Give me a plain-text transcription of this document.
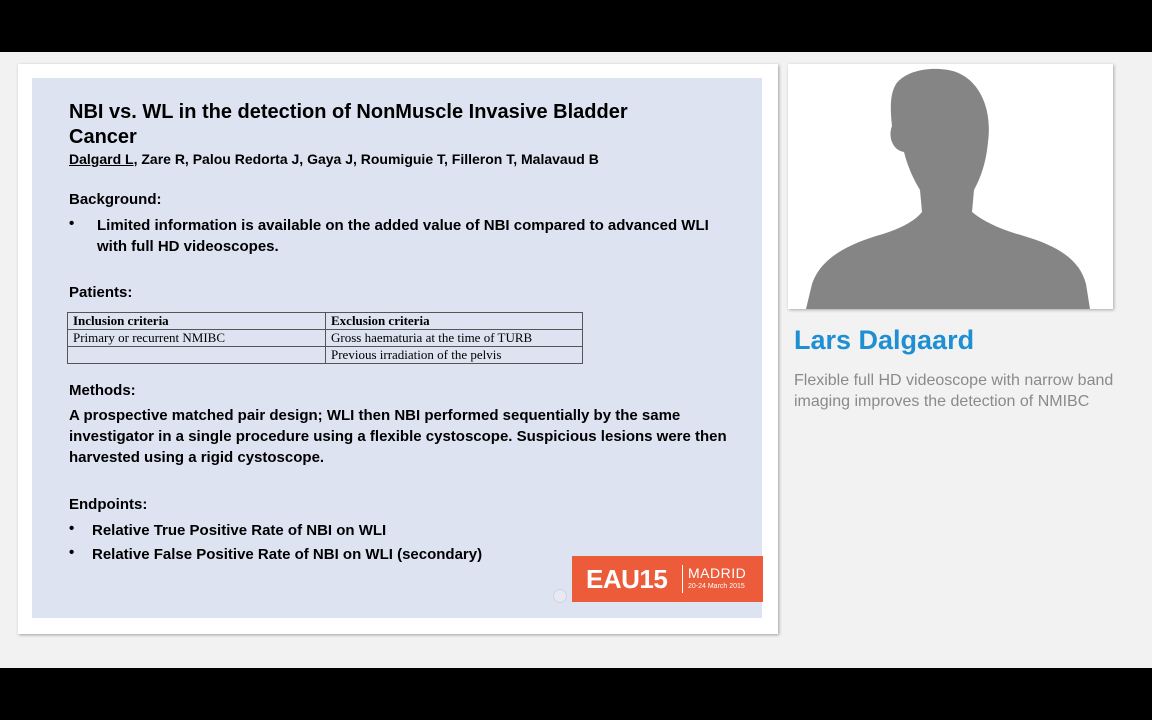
NBI vs. WL in the detection of NonMuscle Invasive Bladder Cancer
Dalgard L, Zare R, Palou Redorta J, Gaya J, Roumiguie T, Filleron T, Malavaud B
Background:
• Limited information is available on the added value of NBI compared to advanced WLI with full HD videoscopes.
Patients:
Inclusion criteria	Exclusion criteria
Primary or recurrent NMIBC	Gross haematuria at the time of TURB
	Previous irradiation of the pelvis
Methods:
A prospective matched pair design; WLI then NBI performed sequentially by the same investigator in a single procedure using a flexible cystoscope. Suspicious lesions were then harvested using a rigid cystoscope.
Endpoints:
• Relative True Positive Rate of NBI on WLI
• Relative False Positive Rate of NBI on WLI (secondary)
EAU15 MADRID
20-24 March 2015
Lars Dalgaard
Flexible full HD videoscope with narrow band imaging improves the detection of NMIBC
